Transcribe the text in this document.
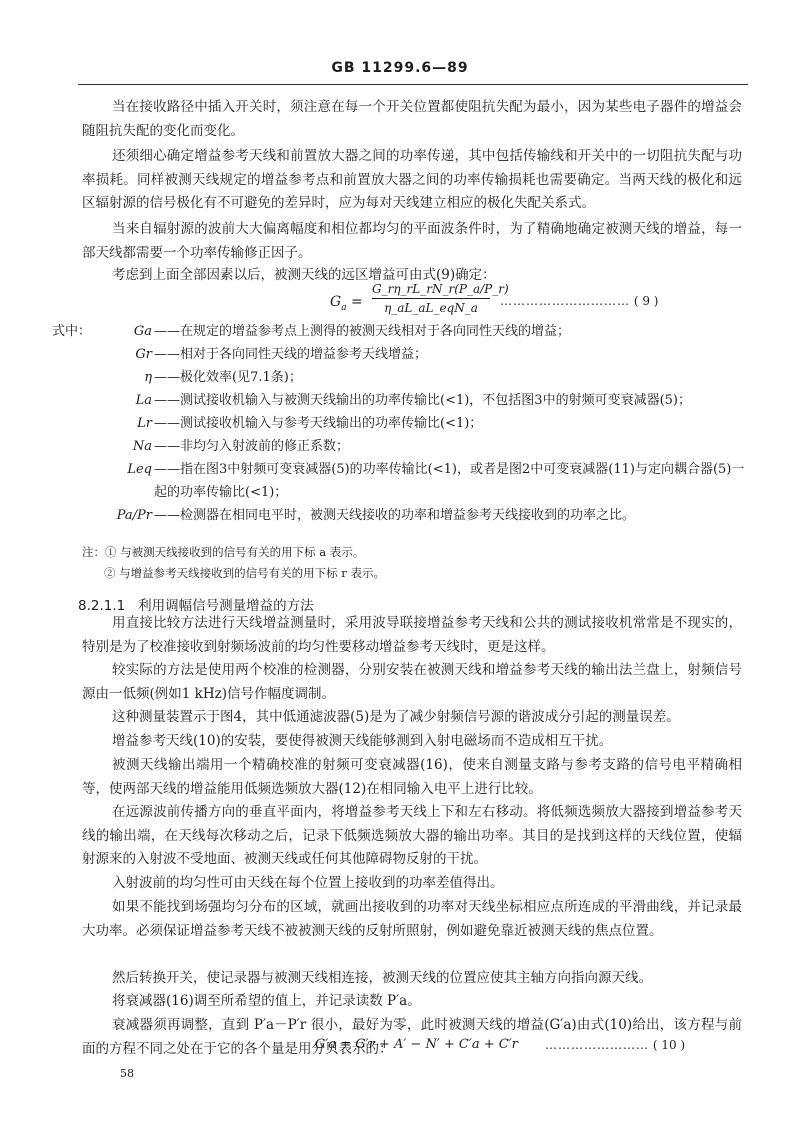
GB 11299.6—89

当在接收路径中插入开关时，须注意在每一个开关位置都使阻抗失配为最小，因为某些电子器件的增益会随阻抗失配的变化而变化。

还须细心确定增益参考天线和前置放大器之间的功率传递，其中包括传输线和开关中的一切阻抗失配与功率损耗。同样被测天线规定的增益参考点和前置放大器之间的功率传输损耗也需要确定。当两天线的极化和远区辐射源的信号极化有不可避免的差异时，应为每对天线建立相应的极化失配关系式。

当来自辐射源的波前大大偏离幅度和相位都均匀的平面波条件时，为了精确地确定被测天线的增益，每一部天线都需要一个功率传输修正因子。

考虑到上面全部因素以后，被测天线的远区增益可由式(9)确定：

$G_a$ =
G_rη_rL_rN_r(P_a/P_r)
η_aL_aL_eqN_a	………………………… ( 9 )
式中：	Ga ——在规定的增益参考点上测得的被测天线相对于各向同性天线的增益；
Gr ——相对于各向同性天线的增益参考天线增益；
η ——极化效率(见7.1条)；
La ——测试接收机输入与被测天线输出的功率传输比(<1)，不包括图3中的射频可变衰减器(5)；
Lr ——测试接收机输入与参考天线输出的功率传输比(<1)；
Na ——非均匀入射波前的修正系数；
Leq ——指在图3中射频可变衰减器(5)的功率传输比(<1)，或者是图2中可变衰减器(11)与定向耦合器(5)一起的功率传输比(<1)；
Pa/Pr ——检测器在相同电平时，被测天线接收的功率和增益参考天线接收到的功率之比。
注：① 与被测天线接收到的信号有关的用下标 a 表示。
② 与增益参考天线接收到的信号有关的用下标 r 表示。
8.2.1.1 利用调幅信号测量增益的方法

用直接比较方法进行天线增益测量时，采用波导联接增益参考天线和公共的测试接收机常常是不现实的，特别是为了校准接收到射频场波前的均匀性要移动增益参考天线时，更是这样。

较实际的方法是使用两个校准的检测器，分别安装在被测天线和增益参考天线的输出法兰盘上，射频信号源由一低频(例如1 kHz)信号作幅度调制。

这种测量装置示于图4，其中低通滤波器(5)是为了减少射频信号源的谐波成分引起的测量误差。

增益参考天线(10)的安装，要使得被测天线能够测到入射电磁场而不造成相互干扰。

被测天线输出端用一个精确校准的射频可变衰减器(16)，使来自测量支路与参考支路的信号电平精确相等，使两部天线的增益能用低频选频放大器(12)在相同输入电平上进行比较。

在远源波前传播方向的垂直平面内，将增益参考天线上下和左右移动。将低频选频放大器接到增益参考天线的输出端，在天线每次移动之后，记录下低频选频放大器的输出功率。其目的是找到这样的天线位置，使辐射源来的入射波不受地面、被测天线或任何其他障碍物反射的干扰。

入射波前的均匀性可由天线在每个位置上接收到的功率差值得出。

如果不能找到场强均匀分布的区域，就画出接收到的功率对天线坐标相应点所连成的平滑曲线，并记录最大功率。必须保证增益参考天线不被被测天线的反射所照射，例如避免靠近被测天线的焦点位置。

然后转换开关，使记录器与被测天线相连接，被测天线的位置应使其主轴方向指向源天线。

将衰减器(16)调至所希望的值上，并记录读数 P′a。

衰减器须再调整，直到 P′a－P′r 很小，最好为零，此时被测天线的增益(G′a)由式(10)给出，该方程与前面的方程不同之处在于它的各个量是用分贝表示的：

G′a = G′r + A′ − N′ + C′a + C′r …………………… ( 10 )
58
